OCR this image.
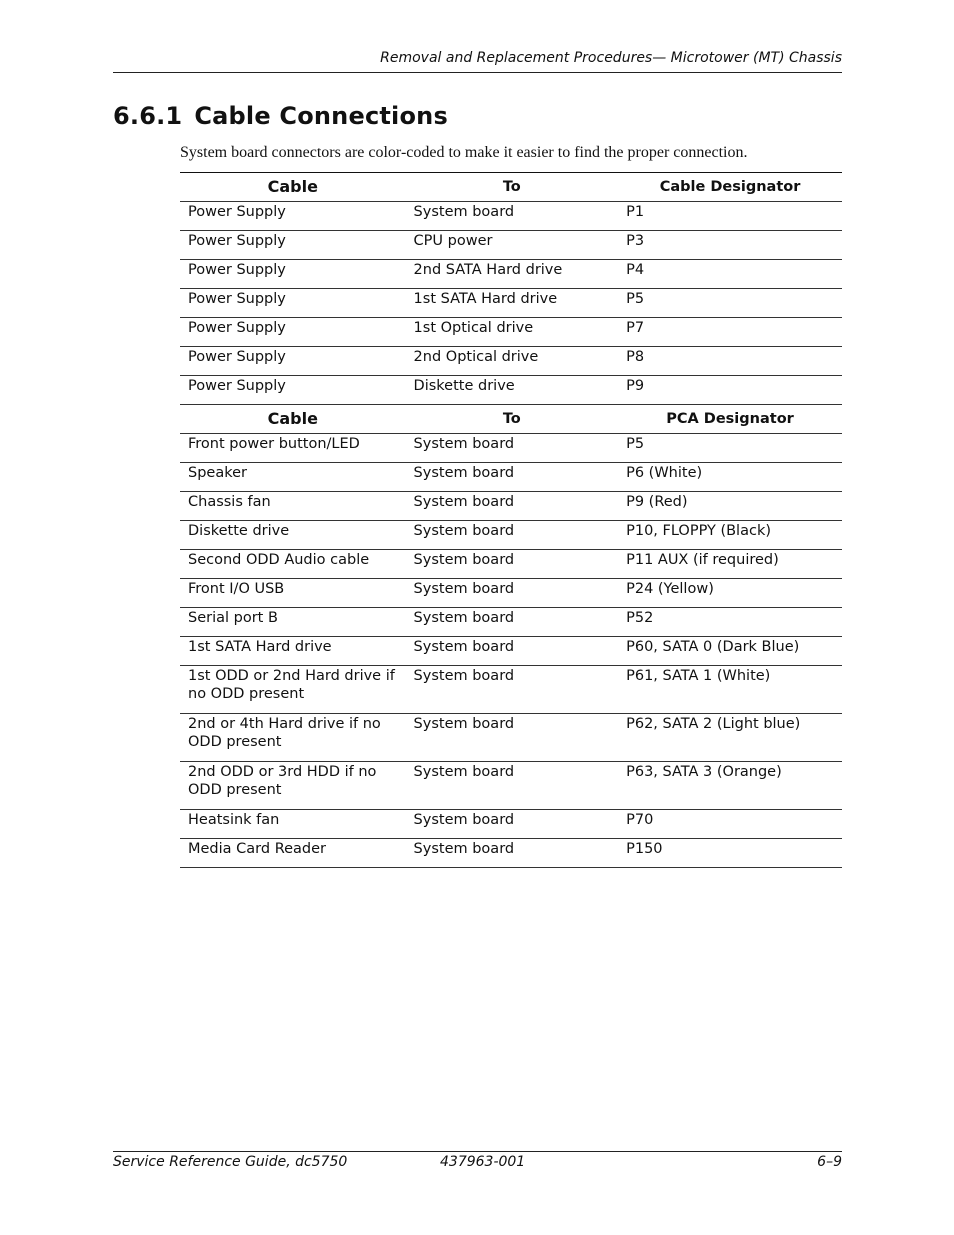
Removal and Replacement Procedures— Microtower (MT) Chassis
6.6.1 Cable Connections
System board connectors are color-coded to make it easier to find the proper connection.
Cable	To	Cable Designator
Power Supply	System board	P1
Power Supply	CPU power	P3
Power Supply	2nd SATA Hard drive	P4
Power Supply	1st SATA Hard drive	P5
Power Supply	1st Optical drive	P7
Power Supply	2nd Optical drive	P8
Power Supply	Diskette drive	P9
Cable	To	PCA Designator
Front power button/LED	System board	P5
Speaker	System board	P6 (White)
Chassis fan	System board	P9 (Red)
Diskette drive	System board	P10, FLOPPY (Black)
Second ODD Audio cable	System board	P11 AUX (if required)
Front I/O USB	System board	P24 (Yellow)
Serial port B	System board	P52
1st SATA Hard drive	System board	P60, SATA 0 (Dark Blue)
1st ODD or 2nd Hard drive if no ODD present	System board	P61, SATA 1 (White)
2nd or 4th Hard drive if no ODD present	System board	P62, SATA 2 (Light blue)
2nd ODD or 3rd HDD if no ODD present	System board	P63, SATA 3 (Orange)
Heatsink fan	System board	P70
Media Card Reader	System board	P150
Service Reference Guide, dc5750	437963-001	6–9
